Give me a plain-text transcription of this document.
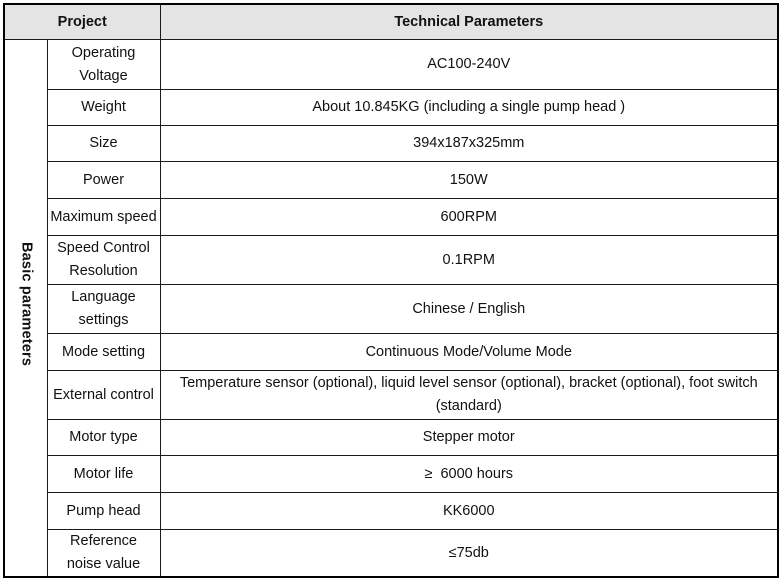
Project		Technical Parameters
Basic parameters	Operating Voltage	AC100-240V
	Weight	About 10.845KG (including a single pump head )
	Size	394x187x325mm
	Power	150W
	Maximum speed	600RPM
	Speed Control Resolution	0.1RPM
	Language settings	Chinese / English
	Mode setting	Continuous Mode/Volume Mode
	External control	Temperature sensor (optional), liquid level sensor (optional), bracket (optional), foot switch (standard)
	Motor type	Stepper motor
	Motor life	≥  6000 hours
	Pump head	KK6000
	Reference noise value	≤75db
